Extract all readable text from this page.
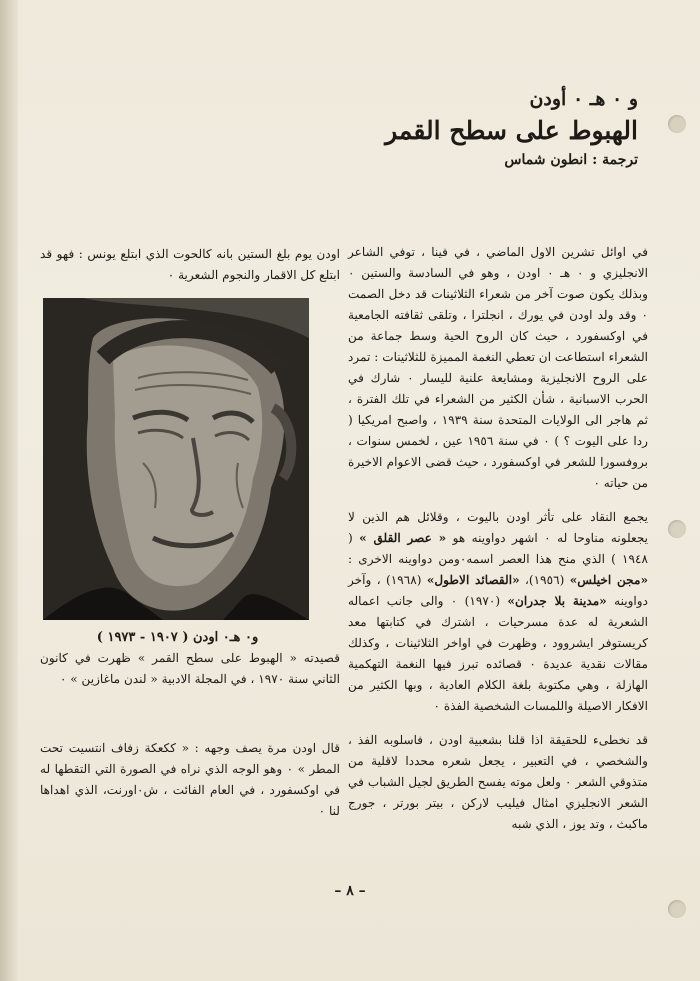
و ۰ هـ ۰ أودن
الهبوط على سطح القمر
ترجمة : انطون شماس

في اوائل تشرين الاول الماضي ، في فينا ، توفي الشاعر الانجليزي و ۰ هـ ۰ اودن ، وهو في السادسة والستين ۰ وبذلك يكون صوت آخر من شعراء الثلاثينات قد دخل الصمت ۰ وقد ولد اودن في يورك ، انجلترا ، وتلقى ثقافته الجامعية في اوكسفورد ، حيث كان الروح الحية وسط جماعة من الشعراء استطاعت ان تعطي النغمة المميزة للثلاثينات : تمرد على الروح الانجليزية ومشايعة علنية لليسار ۰ شارك في الحرب الاسبانية ، شأن الكثير من الشعراء في تلك الفترة ، ثم هاجر الى الولايات المتحدة سنة ١٩٣٩ ، واصبح امريكيا ( ردا على اليوت ؟ ) ۰ في سنة ١٩٥٦ عين ، لخمس سنوات ، بروفسورا للشعر في اوكسفورد ، حيث قضى الاعوام الاخيرة من حياته ۰

يجمع النقاد على تأثر اودن باليوت ، وقلائل هم الذين لا يجعلونه مناوحا له ۰ اشهر دواوينه هو « عصر القلق » ( ١٩٤٨ ) الذي منح هذا العصر اسمه۰ومن دواوينه الاخرى : «مجن اخيلس» (١٩٥٦)، «القصائد الاطول» (١٩٦٨) ، وآخر دواوينه «مدينة بلا جدران» (١٩٧٠) ۰ والى جانب اعماله الشعرية له عدة مسرحيات ، اشترك في كتابتها معد كريستوفر ايشروود ، وظهرت في اواخر الثلاثينات ، وكذلك مقالات نقدية عديدة ۰ قصائده تبرز فيها النغمة التهكمية الهازلة ، وهي مكتوبة بلغة الكلام العادية ، وبها الكثير من الافكار الاصيلة واللمسات الشخصية الفذة ۰

قد نخطىء للحقيقة اذا قلنا بشعبية اودن ، فاسلوبه الفذ ، والشخصي ، في التعبير ، يجعل شعره محددا لاقلية من متذوقي الشعر ۰ ولعل موته يفسح الطريق لجيل الشباب في الشعر الانجليزي امثال فيليب لاركن ، بيتر بورتر ، جورج ماكبث ، وتد يوز ، الذي شبه

اودن يوم بلغ الستين بانه كالحوت الذي ابتلع يونس : فهو قد ابتلع كل الاقمار والنجوم الشعرية ۰

و۰ هـ۰ اودن ( ١٩٠٧ - ١٩٧٣ )

قصيدته « الهبوط على سطح القمر » ظهرت في كانون الثاني سنة ١٩٧٠ ، في المجلة الادبية « لندن ماغازين » ۰

قال اودن مرة يصف وجهه : « ككعكة زفاف انتسيت تحت المطر » ۰ وهو الوجه الذي نراه في الصورة التي التقطها له في اوكسفورد ، في العام الفائت ، ش۰اورنت، الذي اهداها لنا ۰

– ٨ –
